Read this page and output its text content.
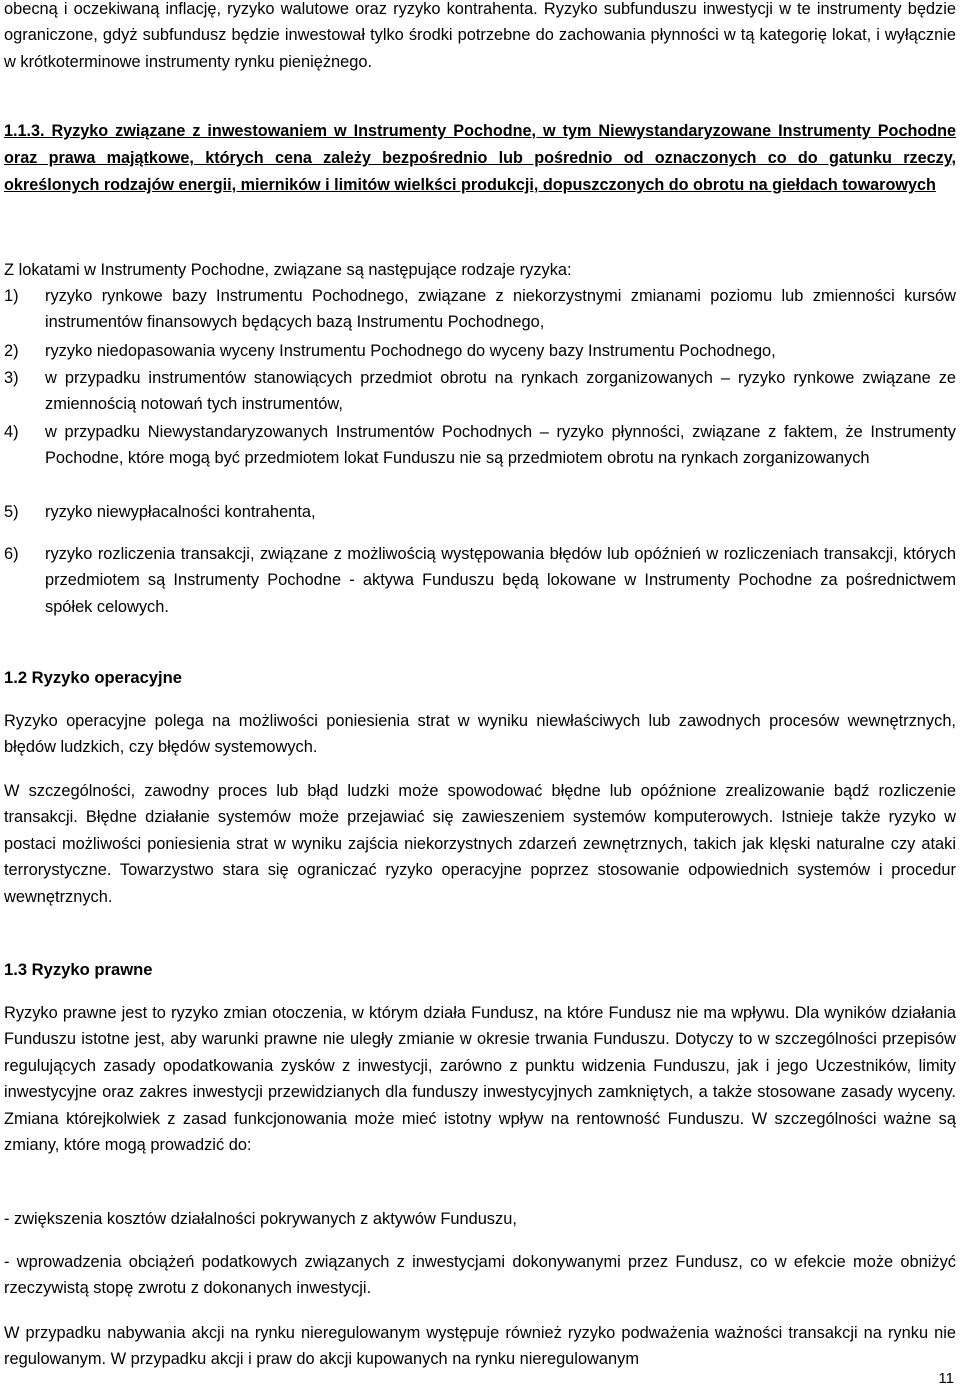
obecną i oczekiwaną inflację, ryzyko walutowe oraz ryzyko kontrahenta. Ryzyko subfunduszu inwestycji w te instrumenty będzie ograniczone, gdyż subfundusz będzie inwestował tylko środki potrzebne do zachowania płynności w tą kategorię lokat, i wyłącznie w krótkoterminowe instrumenty rynku pieniężnego.

1.1.3. Ryzyko związane z inwestowaniem w Instrumenty Pochodne, w tym Niewystandaryzowane Instrumenty Pochodne oraz prawa majątkowe, których cena zależy bezpośrednio lub pośrednio od oznaczonych co do gatunku rzeczy, określonych rodzajów energii, mierników i limitów wielkści produkcji, dopuszczonych do obrotu na giełdach towarowych

Z lokatami w Instrumenty Pochodne, związane są następujące rodzaje ryzyka:

1) ryzyko rynkowe bazy Instrumentu Pochodnego, związane z niekorzystnymi zmianami poziomu lub zmienności kursów instrumentów finansowych będących bazą Instrumentu Pochodnego,
2) ryzyko niedopasowania wyceny Instrumentu Pochodnego do wyceny bazy Instrumentu Pochodnego,
3) w przypadku instrumentów stanowiących przedmiot obrotu na rynkach zorganizowanych – ryzyko rynkowe związane ze zmiennością notowań tych instrumentów,
4) w przypadku Niewystandaryzowanych Instrumentów Pochodnych – ryzyko płynności, związane z faktem, że Instrumenty Pochodne, które mogą być przedmiotem lokat Funduszu nie są przedmiotem obrotu na rynkach zorganizowanych
5) ryzyko niewypłacalności kontrahenta,
6) ryzyko rozliczenia transakcji, związane z możliwością występowania błędów lub opóźnień w rozliczeniach transakcji, których przedmiotem są Instrumenty Pochodne - aktywa Funduszu będą lokowane w Instrumenty Pochodne za pośrednictwem spółek celowych.
1.2 Ryzyko operacyjne

Ryzyko operacyjne polega na możliwości poniesienia strat w wyniku niewłaściwych lub zawodnych procesów wewnętrznych, błędów ludzkich, czy błędów systemowych.

W szczególności, zawodny proces lub błąd ludzki może spowodować błędne lub opóźnione zrealizowanie bądź rozliczenie transakcji. Błędne działanie systemów może przejawiać się zawieszeniem systemów komputerowych. Istnieje także ryzyko w postaci możliwości poniesienia strat w wyniku zajścia niekorzystnych zdarzeń zewnętrznych, takich jak klęski naturalne czy ataki terrorystyczne. Towarzystwo stara się ograniczać ryzyko operacyjne poprzez stosowanie odpowiednich systemów i procedur wewnętrznych.

1.3 Ryzyko prawne

Ryzyko prawne jest to ryzyko zmian otoczenia, w którym działa Fundusz, na które Fundusz nie ma wpływu. Dla wyników działania Funduszu istotne jest, aby warunki prawne nie uległy zmianie w okresie trwania Funduszu. Dotyczy to w szczególności przepisów regulujących zasady opodatkowania zysków z inwestycji, zarówno z punktu widzenia Funduszu, jak i jego Uczestników, limity inwestycyjne oraz zakres inwestycji przewidzianych dla funduszy inwestycyjnych zamkniętych, a także stosowane zasady wyceny. Zmiana którejkolwiek z zasad funkcjonowania może mieć istotny wpływ na rentowność Funduszu. W szczególności ważne są zmiany, które mogą prowadzić do:

- zwiększenia kosztów działalności pokrywanych z aktywów Funduszu,

- wprowadzenia obciążeń podatkowych związanych z inwestycjami dokonywanymi przez Fundusz, co w efekcie może obniżyć rzeczywistą stopę zwrotu z dokonanych inwestycji.

W przypadku nabywania akcji na rynku nieregulowanym występuje również ryzyko podważenia ważności transakcji na rynku nie regulowanym. W przypadku akcji i praw do akcji kupowanych na rynku nieregulowanym

11
